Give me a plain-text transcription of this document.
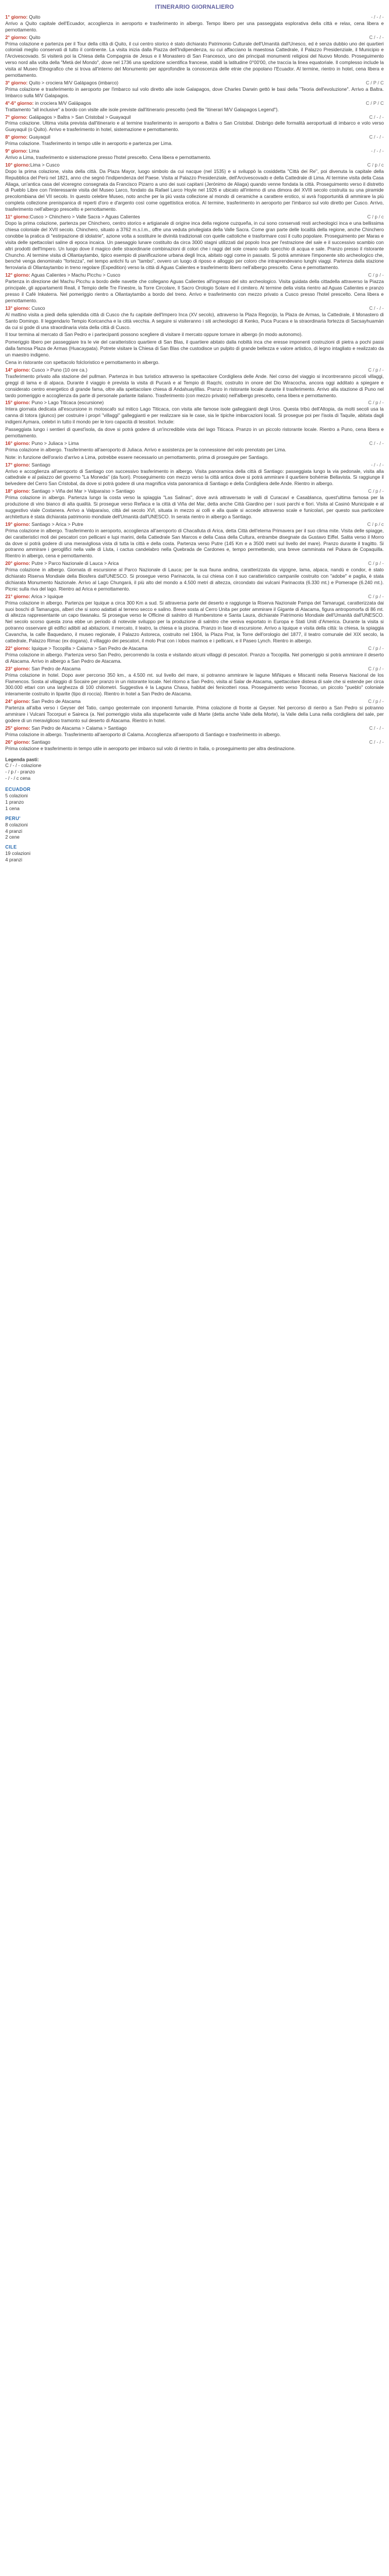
ITINERARIO GIORNALIERO
1° giorno: Quito	- / - / -
Arrivo a Quito capitale dell'Ecuador, accoglienza in aeroporto e trasferimento in albergo. Tempo libero per una passeggiata esplorativa della città e relax, cena libera e pernottamento.
2° giorno: Quito	C / - / -
Prima colazione e partenza per il Tour della città di Quito, il cui centro storico è stato dichiarato Patrimonio Culturale dell'Umanità dall'Unesco, ed è senza dubbio uno dei quartieri coloniali meglio conservati di tutto il continente. La visita inizia dalla Piazza dell'Indipendenza, su cui affacciano la maestosa Cattedrale, il Palazzo Presidenziale, il Municipio e l'Arcivescovado. Si visiterà poi la Chiesa della Compagnia de Jesus e il Monastero di San Francesco, uno dei principali monumenti religiosi del Nuovo Mondo. Proseguimento verso nord alla volta della "Metà del Mondo", dove nel 1736 una spedizione scientifica francese, stabilì la latitudine 0°00'00, che traccia la linea equatoriale. Il complesso include la visita al Museo Etnografico che si trova all'interno del Monumento per approfondire la conoscenza delle etnie che popolano l'Ecuador. Al termine, rientro in hotel, cena libera e pernottamento.
3° giorno: Quito > crociera M/V Galápagos (imbarco)	C / P / C
Prima colazione e trasferimento in aeroporto per l'imbarco sul volo diretto alle isole Galapagos, dove Charles Darwin gettò le basi della "Teoria dell'evoluzione". Arrivo a Baltra. Imbarco sulla M/V Galapagos.
4°-6° giorno: in crociera M/V Galápagos	C / P / C
Trattamento "all inclusive" a bordo con visite alle isole previste dall'itinerario prescelto (vedi file "itinerari M/V Galapagos Legend").
7° giorno: Galápagos > Baltra > San Cristobal > Guayaquil	C / - / -
Prima colazione. Ultima visita prevista dall'itinerario e al termine trasferimento in aeroporto a Baltra o San Cristobal. Disbrigo delle formalità aeroportuali di imbarco e volo verso Guayaquil (o Quito). Arrivo e trasferimento in hotel, sistemazione e pernottamento.
8° giorno: Guayaquil	C / - / -
Prima colazione. Trasferimento in tempo utile in aeroporto e partenza per Lima.
9° giorno: Lima	- / - / -
Arrivo a Lima, trasferimento e sistemazione presso l'hotel prescelto. Cena libera e pernottamento.
10° giorno:Lima > Cusco	C / p / c
Dopo la prima colazione, visita della città. Da Plaza Mayor, luogo simbolo da cui nacque (nel 1535) e si sviluppò la cosiddetta "Città dei Re", poi divenuta la capitale della Repubblica del Perù nel 1821, anno che segnò l'indipendenza del Paese. Visita al Palazzo Presidenziale, dell'Arcivescovado e della Cattedrale di Lima. Al termine visita della Casa Aliaga, un'antica casa del viceregno consegnata da Francisco Pizarro a uno dei suoi capitani (Jerónimo de Aliaga) quando venne fondata la città. Proseguimento verso il distretto di Pueblo Libre con l'interessante visita del Museo Larco, fondato da Rafael Larco Hoyle nel 1926 e ubicato all'interno di una dimora del XVIII secolo costruita su una piramide precolombiana del VII secolo. In questo celebre Museo, noto anche per la più vasta collezione al mondo di ceramiche a carattere erotico, si avrà l'opportunità di ammirare la più completa collezione prenispanica di reperti d'oro e d'argento così come oggettistica erotica. Al termine, trasferimento in aeroporto per l'imbarco sul volo diretto per Cusco. Arrivo, trasferimento nell'albergo prescelto e pernottamento.
11° giorno:Cusco > Chinchero > Valle Sacra > Aguas Calientes	C / p / c
Dopo la prima colazione, partenza per Chinchero, centro storico e artigianale di origine inca della regione cuzqueña, in cui sono conservati resti archeologici inca e una bellissima chiesa coloniale del XVII secolo. Chinchero, situato a 3762 m.s.l.m., offre una veduta privilegiata della Valle Sacra. Come gran parte delle località della regione, anche Chinchero conobbe la pratica di "estirpazione di idolatrie", azione volta a sostituire le divinità tradizionali con quelle cattoliche e trasformare così il culto popolare. Proseguimento per Maras e visita delle spettacolari saline di epoca incaica. Un paesaggio lunare costituito da circa 3000 stagni utilizzati dal popolo Inca per l'estrazione del sale e il successivo scambio con altri prodotti dell'Impero. Un luogo dove il magico delle straordinarie combinazioni di colori che i raggi del sole creano sullo specchio di acqua e sale. Pranzo presso il ristorante Chuncho. Al termine visita di Ollantaytambo, tipico esempio di pianificazione urbana degli Inca, abitato oggi come in passato. Si potrà ammirare l'imponente sito archeologico che, benché venga denominato "fortezza", nel tempo antichi fu un "tambo", ovvero un luogo di riposo e alloggio per coloro che intraprendevano lunghi viaggi. Partenza dalla stazione ferroviaria di Ollantaytambo in treno regolare (Expedition) verso la città di Aguas Calientes e trasferimento libero nell'albergo prescelto. Cena e pernottamento.
12° giorno: Aguas Calientes > Machu Picchu > Cusco	C / p / -
Partenza in direzione del Machu Picchu a bordo delle navette che collegano Aguas Calientes all'ingresso del sito archeologico. Visita guidata della cittadella attraverso la Piazza principale, gli appartamenti Reali, il Tempio delle Tre Finestre, la Torre Circolare, Il Sacro Orologio Solare ed il cimitero. Al termine della visita rientro ad Aguas Calientes e pranzo presso il Café Inkaterra. Nel pomeriggio rientro a Ollantaytambo a bordo del treno. Arrivo e trasferimento con mezzo privato a Cusco presso l'hotel prescelto. Cena libera e pernottamento.
13° giorno: Cusco	C / - / -
Al mattino visita a piedi della splendida città di Cusco che fu capitale dell'Impero Inca (XV secolo), attraverso la Plaza Regocijo, la Plaza de Armas, la Cattedrale, il Monastero di Santo Domingo. Il leggendario Tempio Koricancha e la città vecchia. A seguire si visiteranno i siti archeologici di Kenko, Puca Pucara e la straordinaria fortezza di Sacsayhuamán da cui si gode di una straordinaria vista della città di Cusco.
Il tour termina al mercato di San Pedro e i partecipanti possono scegliere di visitare il mercato oppure tornare in albergo (in modo autonomo).
Pomeriggio libero per passeggiare tra le vie del caratteristico quartiere di San Blas, il quartiere abitato dalla nobiltà inca che eresse imponenti costruzioni di pietra a pochi passi dalla famosa Plaza de Armas (Huacaypata). Potrete visitare la Chiesa di San Blas che custodisce un pulpito di grande bellezza e valore artistico, di legno intagliato e realizzato da un maestro indigeno.
Cena in ristorante con spettacolo folcloristico e pernottamento in albergo.
14° giorno: Cusco > Puno (10 ore ca.)	C / p / -
Trasferimento privato alla stazione del pullman. Partenza in bus turistico attraverso la spettacolare Cordigliera delle Ande. Nel corso del viaggio si incontreranno piccoli villaggi, greggi di lama e di alpaca. Durante il viaggio è prevista la visita di Pucará e al Tempio di Raqchi, costruito in onore del Dio Wiracocha, ancora oggi additato a spiegare e considerato centro energetico di grande fama, oltre alla spettacolare chiesa di Andahuaylillas. Pranzo in ristorante locale durante il trasferimento. Arrivo alla stazione di Puno nel tardo pomeriggio e accoglienza da parte di personale parlante italiano. Trasferimento (con mezzo privato) nell'albergo prescelto, cena libera e pernottamento.
15° giorno: Puno > Lago Titicaca (escursione)	C / p / -
Intera giornata dedicata all'escursione in motoscafo sul mitico Lago Titicaca, con visita alle famose isole galleggianti degli Uros. Questa tribù dell'Altopia, da molti secoli usa la canna di totora (giunco) per costruire i propri "villaggi" galleggianti e per realizzare sia le case, sia le tipiche imbarcazioni locali. Si prosegue poi per l'isola di Taquile, abitata dagli indigeni Aymara, celebri in tutto il mondo per le loro capacità di tessitori. Include:
Passeggiata lungo i sentieri di quest'isola, da dove si potrà godere di un'incredibile vista del lago Titicaca. Pranzo in un piccolo ristorante locale. Rientro a Puno, cena libera e pernottamento.
16° giorno: Puno > Juliaca > Lima	C / - / -
Prima colazione in albergo. Trasferimento all'aeroporto di Juliaca. Arrivo e assistenza per la connessione del volo prenotato per Lima.
Note: in funzione dell'orario d'arrivo a Lima, potrebbe essere necessario un pernottamento, prima di proseguire per Santiago.
17° giorno: Santiago	- / - / -
Arrivo e accoglienza all'aeroporto di Santiago con successivo trasferimento in albergo. Visita panoramica della città di Santiago: passeggiata lungo la via pedonale, visita alla cattedrale e al palazzo del governo "La Moneda" (da fuori). Proseguimento con mezzo verso la città antica dove si potrà ammirare il quartiere bohémie Bellavista. Si raggiunge il belvedere del Cerro San Cristobal, da dove si potrà godere di una magnifica vista panoramica di Santiago e della Cordigliera delle Ande. Rientro in albergo.
18° giorno: Santiago > Viña del Mar > Valparaíso > Santiago	C / p / -
Prima colazione in albergo. Partenza lungo la costa verso la spiaggia "Las Salinas", dove avrà attraversato le valli di Curacaví e Casablanca, quest'ultima famosa per la produzione di vino bianco di alta qualità. Si prosegue verso Reñaca e la città di Viña del Mar, detta anche Città Giardino per i suoi parchi e fiori. Visita al Casinò Municipale e al suggestivo viale Costanera. Arrivo a Valparaíso, città del secolo XVI, situata in mezzo ai colli e alla quale si accede attraverso scale e funicolari, per questo sua particolare architettura è stata dichiarata patrimonio mondiale dell'Umanità dall'UNESCO. In serata rientro in albergo a Santiago.
19° giorno: Santiago > Arica > Putre	C / p / c
Prima colazione in albergo. Trasferimento in aeroporto, accoglienza all'aeroporto di Chacalluta di Arica, detta Città dell'eterna Primavera per il suo clima mite. Visita delle spiagge, dei caratteristici moli dei pescatori con pellicani e lupi marini, della Cattedrale San Marcos e della Casa della Cultura, entrambe disegnate da Gustavo Eiffel. Salita verso il Morro da dove si potrà godere di una meravigliosa vista di tutta la città e della costa. Partenza verso Putre (145 Km e a 3500 metri sul livello del mare). Pranzo durante il tragitto. Si potranno ammirare i geroglifici nella valle di Lluta, i cactus candelabro nella Quebrada de Cardones e, tempo permettendo, una breve camminata nel Pukara de Copaquilla. Rientro in albergo, cena e pernottamento.
20° giorno: Putre > Parco Nazionale di Lauca > Arica	C / p / -
Prima colazione in albergo. Giornata di escursione al Parco Nazionale di Lauca; per la sua fauna andina, caratterizzata da vigogne, lama, alpaca, nandù e condor, è stato dichiarato Riserva Mondiale della Biosfera dall'UNESCO. Si prosegue verso Parinacota, la cui chiesa con il suo caratteristico campanile costruito con "adobe" e paglia, è stata dichiarata Monumento Nazionale. Arrivo al Lago Chungará, il più alto del mondo a 4.500 metri di altezza, circondato dai vulcani Parinacota (6.330 mt.) e Pomerape (6.240 mt.). Picnic sulla riva del lago. Rientro ad Arica e pernottamento.
21° giorno: Arica > Iquique	C / p / -
Prima colazione in albergo. Partenza per Iquique a circa 300 Km a sud. Si attraversa parte del deserto e raggiunge la Riserva Nazionale Pampa del Tamarugal, caratterizzata dai suoi boschi di Tamarugos, alberi che si sono adattati al terreno secco e salino. Breve sosta al Cerro Unita per poter ammirare il Gigante di Atacama, figura antropomorfa di 86 mt. di altezza rappresentante un capo tiwanaku. Si prosegue verso le Officine di salnitro di Humberstone e Santa Laura, dichiarate Patrimonio Mondiale dell'Umanità dall'UNESCO. Nel secolo scorso questa zona ebbe un periodo di notevole sviluppo per la produzione di salnitro che veniva esportato in Europa e Stati Uniti d'America. Durante la visita si potranno osservare gli edifici adibiti ad abitazioni, il mercato, il teatro, la chiesa e la piscina. Pranzo in fase di escursione. Arrivo a Iquique e visita della città: la chiesa, la spiaggia Cavancha, la calle Baquedano, il museo regionale, il Palazzo Astoreca, costruito nel 1904, la Plaza Prat, la Torre dell'orologio del 1877, il teatro comunale del XIX secolo, la cattedrale, Palazzo Rimac (ex dogana), il villaggio dei pescatori, il molo Prat con i lobos marinos e i pellicani, e il Paseo Lynch. Rientro in albergo.
22° giorno: Iquique > Tocopilla > Calama > San Pedro de Atacama	C / p / -
Prima colazione in albergo. Partenza verso San Pedro, percorrendo la costa e visitando alcuni villaggi di pescatori. Pranzo a Tocopilla. Nel pomeriggio si potrà ammirare il deserto di Atacama. Arrivo in albergo a San Pedro de Atacama.
23° giorno: San Pedro de Atacama	C / p / -
Prima colazione in hotel. Dopo aver percorso 350 km., a 4.500 mt. sul livello del mare, si potranno ammirare le lagune Miñiques e Miscanti nella Reserva Nacional de los Flamencos. Sosta al villaggio di Socaire per pranzo in un ristorante locale. Nel ritorno a San Pedro, visita al Salar de Atacama, spettacolare distesa di sale che si estende per circa 300.000 ettari con una larghezza di 100 chilometri. Suggestiva è la Laguna Chaxa, habitat dei fenicotteri rosa. Proseguimento verso Toconao, un piccolo "pueblo" coloniale interamente costruito in liparite (tipo di roccia). Rientro in hotel a San Pedro de Atacama.
24° giorno: San Pedro de Atacama	C / p / -
Partenza all'alba verso i Geyser del Tatio, campo geotermale con imponenti fumarole. Prima colazione di fronte ai Geyser. Nel percorso di rientro a San Pedro si potranno ammirare i Vulcani Tocorpuri e Saireca (a. Nel pomeriggio visita alla stupefacente valle di Marte (detta anche Valle della Morte), la Valle della Luna nella cordigliera del sale, per godere di un meraviglioso tramonto sul deserto di Atacama. Rientro in hotel.
25° giorno: San Pedro de Atacama > Calama > Santiago	C / - / -
Prima colazione in albergo. Trasferimento all'aeroporto di Calama. Accoglienza all'aeroporto di Santiago e trasferimento in albergo.
26° giorno: Santiago	C / - / -
Prima colazione e trasferimento in tempo utile in aeroporto per imbarco sul volo di rientro in Italia, o proseguimento per altra destinazione.
Legenda pasti:

C / - / - colazione

- / p / - pranzo

- / - / c cena

ECUADOR
5 colazioni
1 pranzo
1 cena
PERU'
8 colazioni
4 pranzi
2 cene
CILE
19 colazioni
4 pranzi
